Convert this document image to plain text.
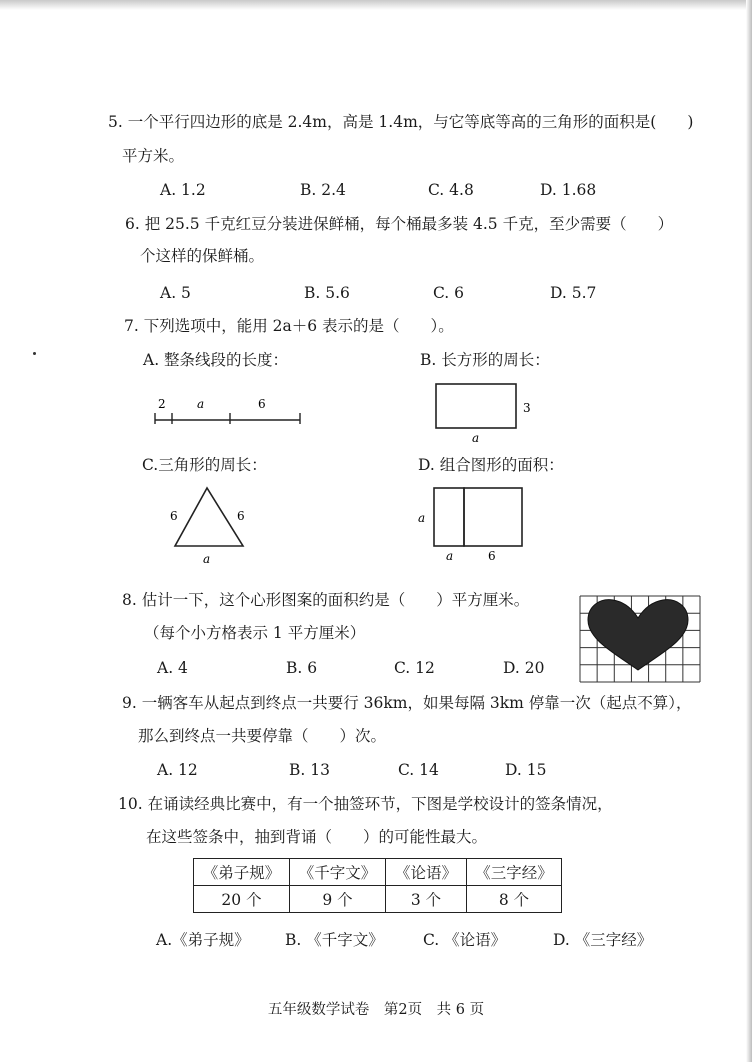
5. 一个平行四边形的底是 2.4m，高是 1.4m，与它等底等高的三角形的面积是(　　)
平方米。
A. 1.2	B. 2.4	C. 4.8	D. 1.68
6. 把 25.5 千克红豆分装进保鲜桶，每个桶最多装 4.5 千克，至少需要（　　）
个这样的保鲜桶。
A. 5	B. 5.6	C. 6	D. 5.7
7. 下列选项中，能用 2a＋6 表示的是（　　）。
A. 整条线段的长度：	B. 长方形的周长：
2	a	6	3
a
C.三角形的周长：	D. 组合图形的面积：
6	6
a
a
a	6
8. 估计一下，这个心形图案的面积约是（　　）平方厘米。
（每个小方格表示 1 平方厘米）
A. 4	B. 6	C. 12	D. 20
9. 一辆客车从起点到终点一共要行 36km，如果每隔 3km 停靠一次（起点不算），
那么到终点一共要停靠（　　）次。
A. 12	B. 13	C. 14	D. 15
10. 在诵读经典比赛中，有一个抽签环节，下图是学校设计的签条情况，
在这些签条中，抽到背诵（　　）的可能性最大。
《弟子规》	《千字文》	《论语》	《三字经》
20 个	9 个	3 个	8 个
A.《弟子规》 B. 《千字文》	C. 《论语》	D. 《三字经》
五年级数学试卷　第2页　共 6 页
